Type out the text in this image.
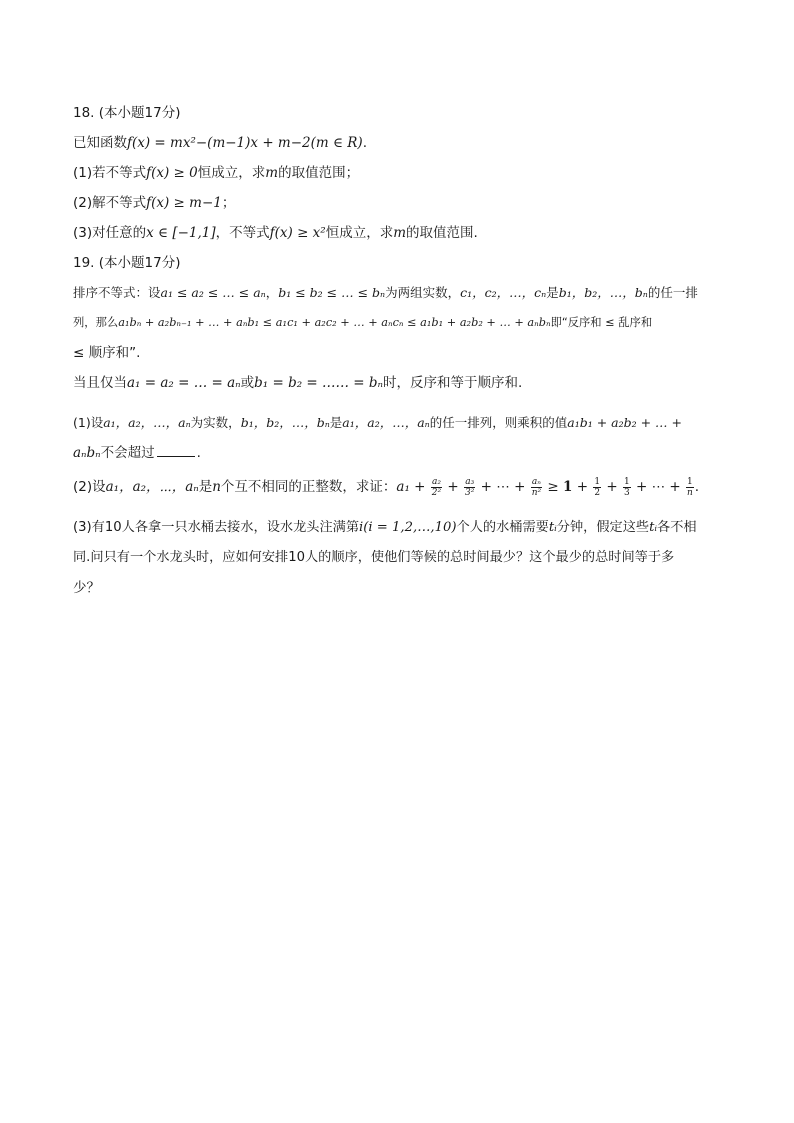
18. (本小题17分)
已知函数f(x) = mx²−(m−1)x + m−2(m ∈ R).
(1)若不等式f(x) ≥ 0恒成立，求m的取值范围；
(2)解不等式f(x) ≥ m−1；
(3)对任意的x ∈ [−1,1]，不等式f(x) ≥ x²恒成立，求m的取值范围.
19. (本小题17分)
排序不等式：设a₁ ≤ a₂ ≤ … ≤ aₙ，b₁ ≤ b₂ ≤ … ≤ bₙ为两组实数，c₁，c₂，…，cₙ是b₁，b₂，…，bₙ的任一排
列，那么a₁bₙ + a₂bₙ₋₁ + … + aₙb₁ ≤ a₁c₁ + a₂c₂ + … + aₙcₙ ≤ a₁b₁ + a₂b₂ + … + aₙbₙ即“反序和 ≤ 乱序和
≤ 顺序和”.
当且仅当a₁ = a₂ = … = aₙ或b₁ = b₂ = …… = bₙ时，反序和等于顺序和.
(1)设a₁，a₂，…，aₙ为实数，b₁，b₂，…，bₙ是a₁，a₂，…，aₙ的任一排列，则乘积的值a₁b₁ + a₂b₂ + … +
aₙbₙ不会超过	.
(2)设a₁，a₂，⋯，aₙ是n个互不相同的正整数，求证：$a_1 + \frac{\text{a₂}}{\text{2²}} + \frac{\text{a₃}}{\text{3²}}$ + ⋯ + $\frac{\text{aₙ}}{\text{n²}} \ge 1 + \frac{1}{2} + \frac{1}{3}$ + ⋯ + $\frac{1}{n}$ .
(3)有10人各拿一只水桶去接水，设水龙头注满第i(i = 1,2,…,10)个人的水桶需要tᵢ分钟，假定这些tᵢ各不相
同.问只有一个水龙头时，应如何安排10人的顺序，使他们等候的总时间最少？这个最少的总时间等于多
少？
